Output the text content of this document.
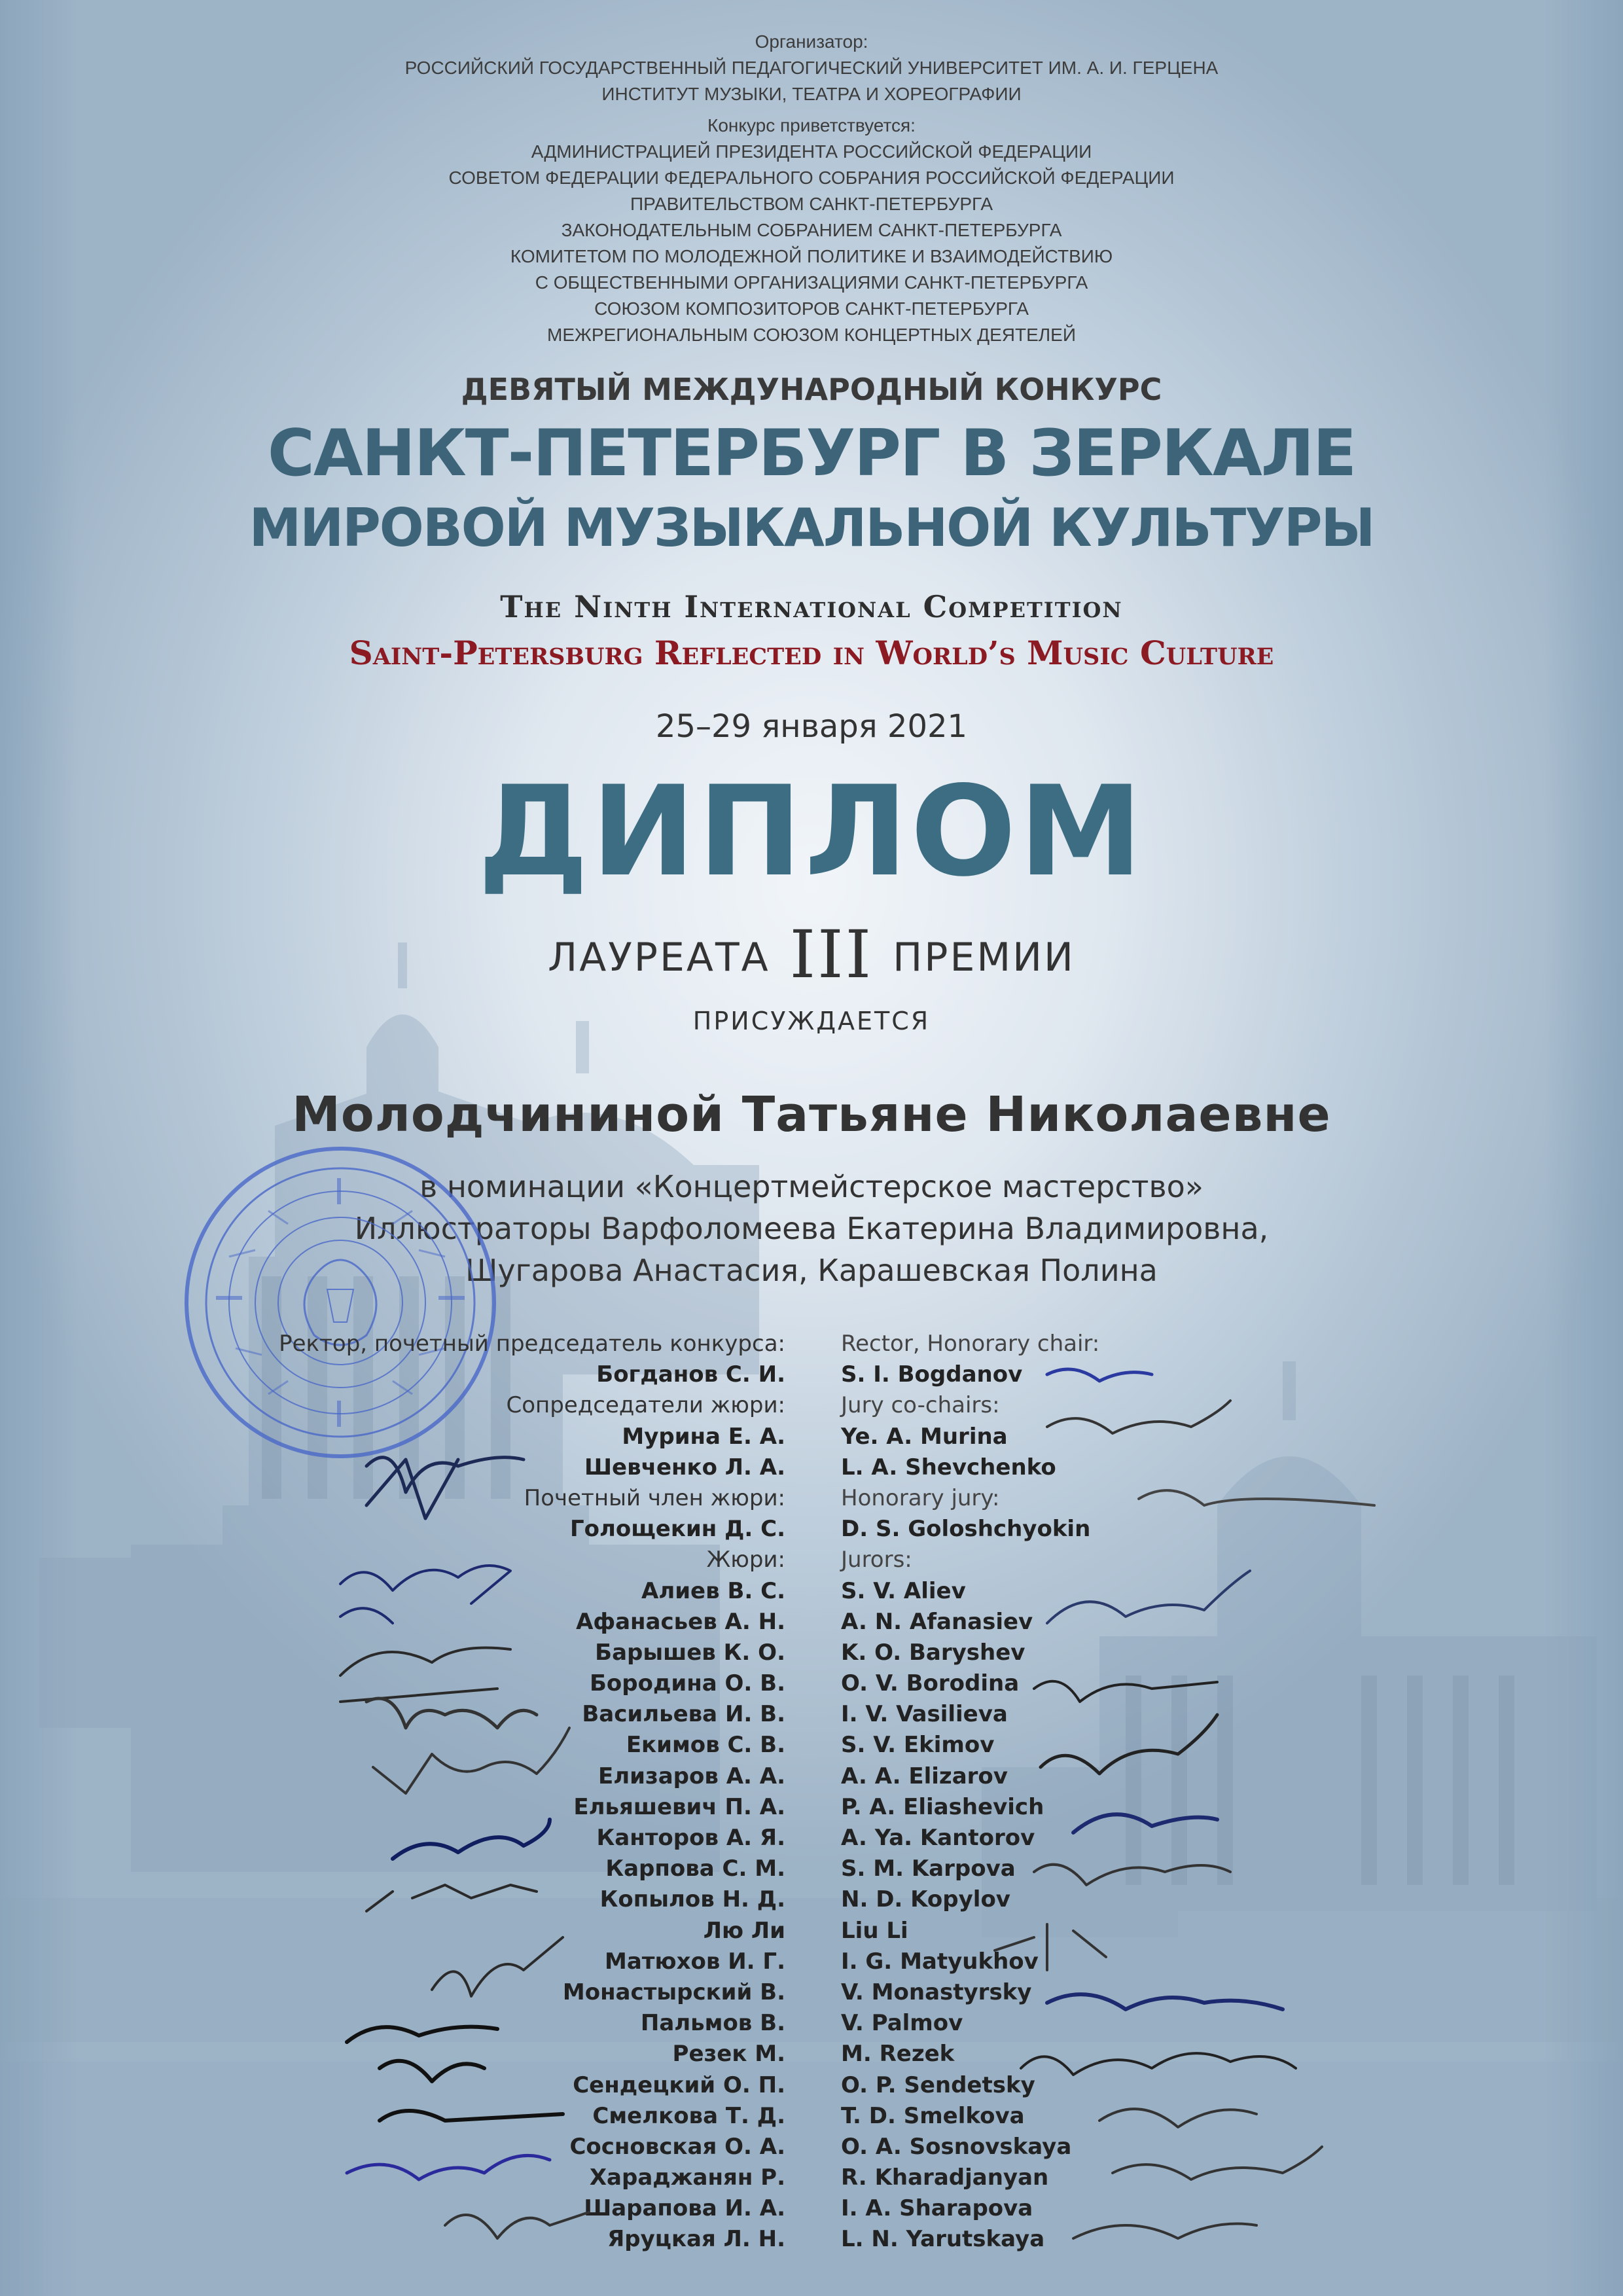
Организатор:
РОССИЙСКИЙ ГОСУДАРСТВЕННЫЙ ПЕДАГОГИЧЕСКИЙ УНИВЕРСИТЕТ ИМ. А. И. ГЕРЦЕНА
ИНСТИТУТ МУЗЫКИ, ТЕАТРА И ХОРЕОГРАФИИ
Конкурс приветствуется:
АДМИНИСТРАЦИЕЙ ПРЕЗИДЕНТА РОССИЙСКОЙ ФЕДЕРАЦИИ
СОВЕТОМ ФЕДЕРАЦИИ ФЕДЕРАЛЬНОГО СОБРАНИЯ РОССИЙСКОЙ ФЕДЕРАЦИИ
ПРАВИТЕЛЬСТВОМ САНКТ-ПЕТЕРБУРГА
ЗАКОНОДАТЕЛЬНЫМ СОБРАНИЕМ САНКТ-ПЕТЕРБУРГА
КОМИТЕТОМ ПО МОЛОДЕЖНОЙ ПОЛИТИКЕ И ВЗАИМОДЕЙСТВИЮ
С ОБЩЕСТВЕННЫМИ ОРГАНИЗАЦИЯМИ САНКТ-ПЕТЕРБУРГА
СОЮЗОМ КОМПОЗИТОРОВ САНКТ-ПЕТЕРБУРГА
МЕЖРЕГИОНАЛЬНЫМ СОЮЗОМ КОНЦЕРТНЫХ ДЕЯТЕЛЕЙ
ДЕВЯТЫЙ МЕЖДУНАРОДНЫЙ КОНКУРС
САНКТ-ПЕТЕРБУРГ В ЗЕРКАЛЕ
МИРОВОЙ МУЗЫКАЛЬНОЙ КУЛЬТУРЫ
The Ninth International Competition
Saint-Petersburg Reflected in World’s Music Culture
25–29 января 2021
ДИПЛОМ
ЛАУРЕАТА III ПРЕМИИ
ПРИСУЖДАЕТСЯ
Молодчининой Татьяне Николаевне
в номинации «Концертмейстерское мастерство»
Иллюстраторы Варфоломеева Екатерина Владимировна,
Шугарова Анастасия, Карашевская Полина
Ректор, почетный председатель конкурса:
Богданов С. И.
Сопредседатели жюри:
Мурина Е. А.
Шевченко Л. А.
Почетный член жюри:
Голощекин Д. С.
Жюри:
Алиев В. С.
Афанасьев А. Н.
Барышев К. О.
Бородина О. В.
Васильева И. В.
Екимов С. В.
Елизаров А. А.
Ельяшевич П. А.
Канторов А. Я.
Карпова С. М.
Копылов Н. Д.
Лю Ли
Матюхов И. Г.
Монастырский В.
Пальмов В.
Резек М.
Сендецкий О. П.
Смелкова Т. Д.
Сосновская О. А.
Хараджанян Р.
Шарапова И. А.
Яруцкая Л. Н.
Rector, Honorary chair:
S. I. Bogdanov
Jury co-chairs:
Ye. A. Murina
L. A. Shevchenko
Honorary jury:
D. S. Goloshchyokin
Jurors:
S. V. Aliev
A. N. Afanasiev
K. O. Baryshev
O. V. Borodina
I. V. Vasilieva
S. V. Ekimov
A. A. Elizarov
P. A. Eliashevich
A. Ya. Kantorov
S. M. Karpova
N. D. Kopylov
Liu Li
I. G. Matyukhov
V. Monastyrsky
V. Palmov
M. Rezek
O. P. Sendetsky
T. D. Smelkova
O. A. Sosnovskaya
R. Kharadjanyan
I. A. Sharapova
L. N. Yarutskaya
